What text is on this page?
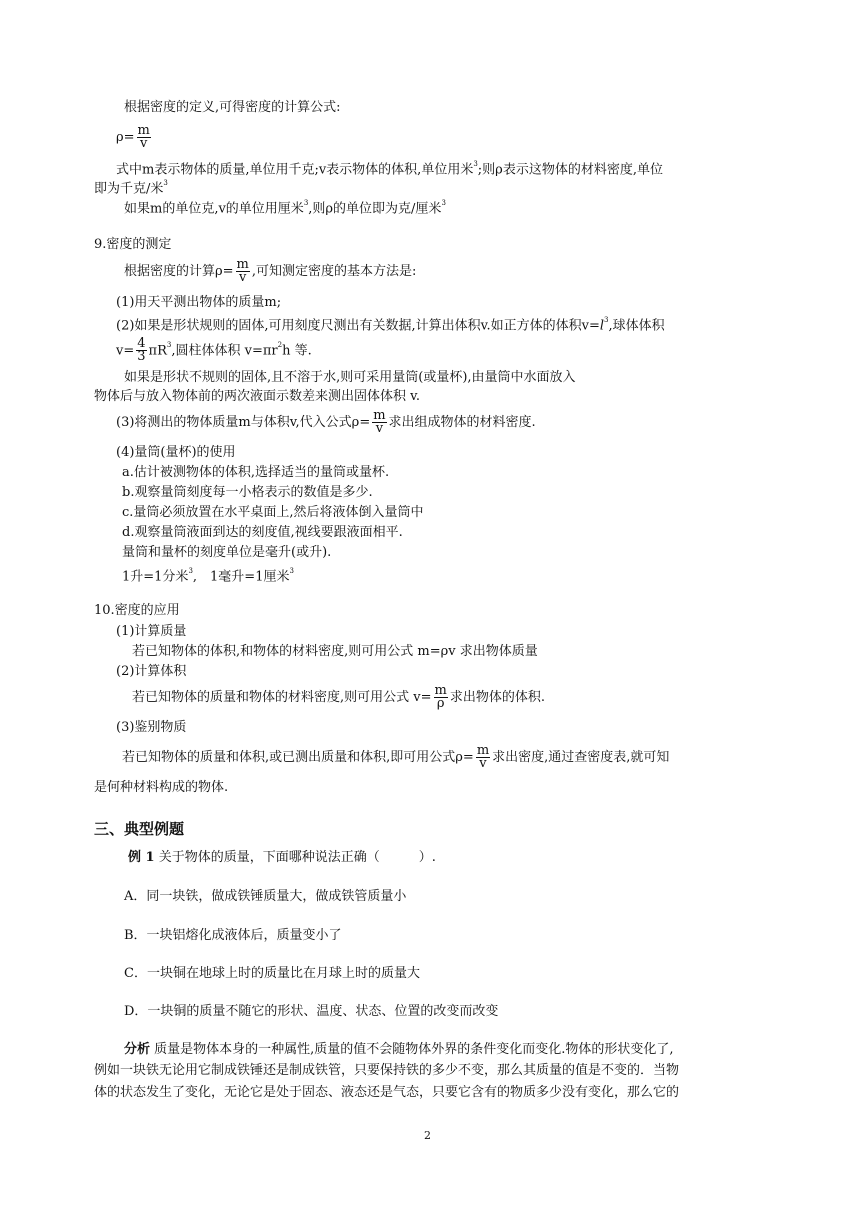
根据密度的定义,可得密度的计算公式:
$\rho= \frac{m}{v}$
式中m表示物体的质量,单位用千克;v表示物体的体积,单位用米$^3$;则ρ表示这物体的材料密度,单位
即为千克/米$^3$
如果m的单位克,v的单位用厘米$^3$,则ρ的单位即为克/厘米$^3$
9.密度的测定
根据密度的计算$\rho= \frac{m}{v}$ ,可知测定密度的基本方法是:
(1)用天平测出物体的质量m;
(2)如果是形状规则的固体,可用刻度尺测出有关数据,计算出体积v.如正方体的体积$v=l^3$,球体体积
$v= \frac{4}{3} \pi R^3$,圆柱体体积 $v=\pi r^2h$ 等.
如果是形状不规则的固体,且不溶于水,则可采用量筒(或量杯),由量筒中水面放入
物体后与放入物体前的两次液面示数差来测出固体体积 v.
(3)将测出的物体质量m与体积v,代入公式$\rho= \frac{m}{v}$ 求出组成物体的材料密度.
(4)量筒(量杯)的使用
a.估计被测物体的体积,选择适当的量筒或量杯.
b.观察量筒刻度每一小格表示的数值是多少.
c.量筒必须放置在水平桌面上,然后将液体倒入量筒中
d.观察量筒液面到达的刻度值,视线要跟液面相平.
量筒和量杯的刻度单位是毫升(或升).
1升=1分米$^3$,　1毫升=1厘米$^3$
10.密度的应用
(1)计算质量
若已知物体的体积,和物体的材料密度,则可用公式 m=ρv 求出物体质量
(2)计算体积
若已知物体的质量和物体的材料密度,则可用公式 $v= \frac{m}{\rho}$ 求出物体的体积.
(3)鉴别物质
若已知物体的质量和体积,或已测出质量和体积,即可用公式$\rho= \frac{m}{v}$ 求出密度,通过查密度表,就可知
是何种材料构成的物体.
三、典型例题
例 1 关于物体的质量，下面哪种说法正确（　　　）.
A．同一块铁，做成铁锤质量大，做成铁管质量小
B．一块铝熔化成液体后，质量变小了
C．一块铜在地球上时的质量比在月球上时的质量大
D．一块铜的质量不随它的形状、温度、状态、位置的改变而改变
分析 质量是物体本身的一种属性,质量的值不会随物体外界的条件变化而变化.物体的形状变化了,
例如一块铁无论用它制成铁锤还是制成铁管，只要保持铁的多少不变，那么其质量的值是不变的．当物
体的状态发生了变化，无论它是处于固态、液态还是气态，只要它含有的物质多少没有变化，那么它的
2
